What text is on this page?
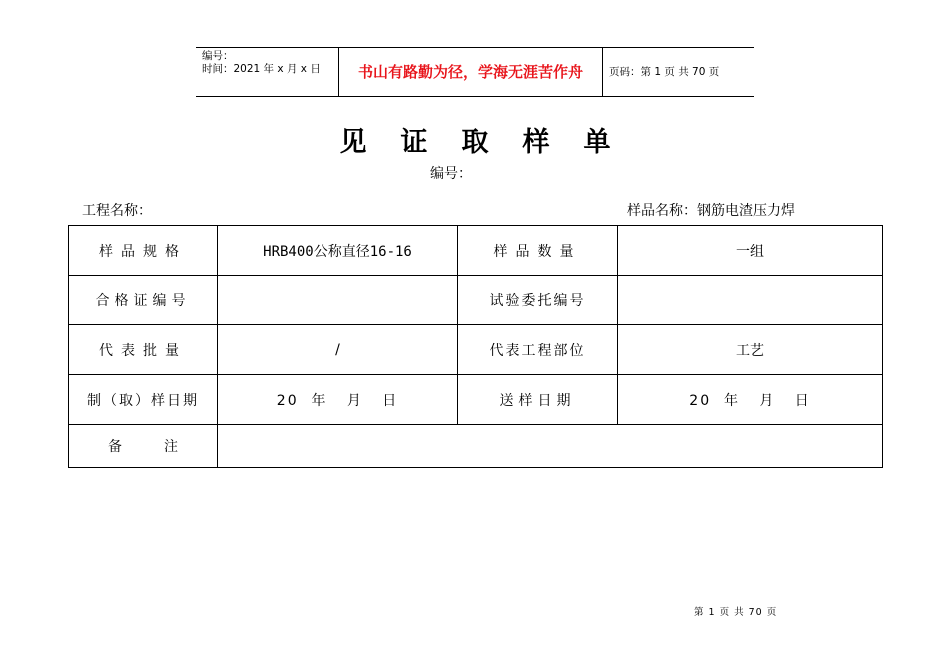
编号：
时间：2021 年 x 月 x 日	书山有路勤为径，学海无涯苦作舟	页码：第 1 页 共 70 页
见证取样单
编号：
工程名称：	样品名称：钢筋电渣压力焊
样品规格	HRB400公称直径16-16	样品数量	一组
合格证编号		试验委托编号	
代表批量	/	代表工程部位	工艺
制（取）样日期	20  年   月   日	送样日期	20  年   月   日
备　　　注			
第 1 页 共 70 页
